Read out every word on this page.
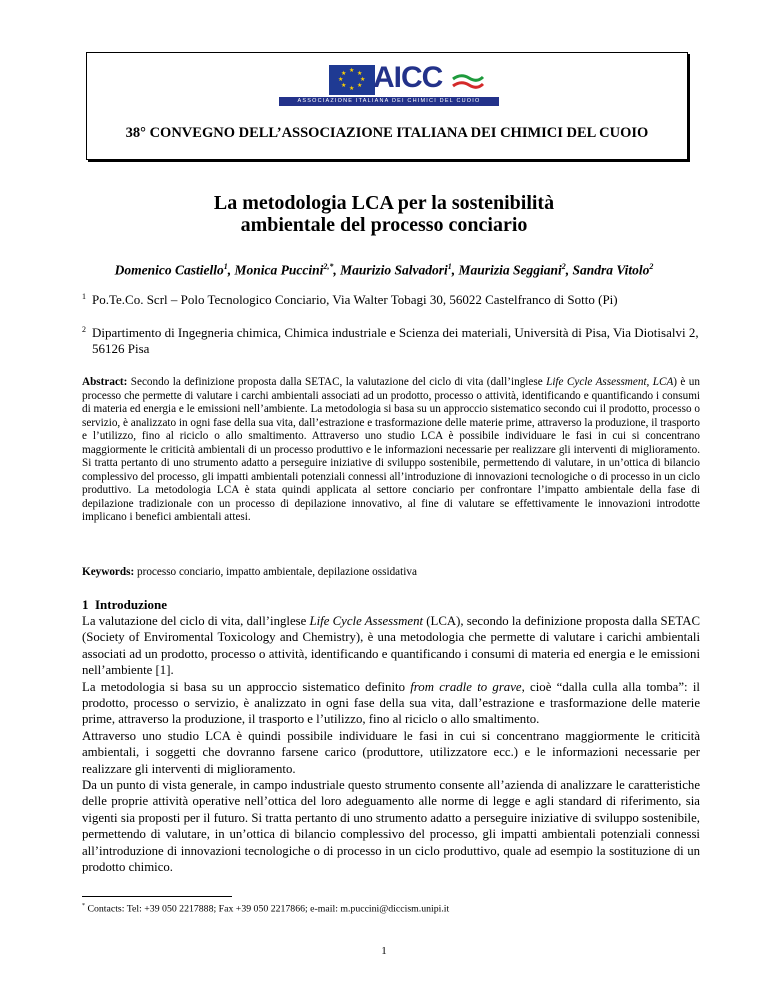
★ ★
★
★
★
★
★
★ AICC
ASSOCIAZIONE ITALIANA DEI CHIMICI DEL CUOIO
38° CONVEGNO DELL’ASSOCIAZIONE ITALIANA DEI CHIMICI DEL CUOIO
La metodologia LCA per la sostenibilità
ambientale del processo conciario
Domenico Castiello$^1$, Monica Puccini$^{2,*}$, Maurizio Salvadori$^1$, Maurizia Seggiani$^2$, Sandra Vitolo$^2$
1 Po.Te.Co. Scrl – Polo Tecnologico Conciario, Via Walter Tobagi 30, 56022 Castelfranco di Sotto (Pi)
2 Dipartimento di Ingegneria chimica, Chimica industriale e Scienza dei materiali, Università di Pisa, Via Diotisalvi 2, 56126 Pisa
Abstract: Secondo la definizione proposta dalla SETAC, la valutazione del ciclo di vita (dall’inglese Life Cycle Assessment, LCA) è un processo che permette di valutare i carchi ambientali associati ad un prodotto, processo o attività, identificando e quantificando i consumi di materia ed energia e le emissioni nell’ambiente. La metodologia si basa su un approccio sistematico secondo cui il prodotto, processo o servizio, è analizzato in ogni fase della sua vita, dall’estrazione e trasformazione delle materie prime, attraverso la produzione, il trasporto e l’utilizzo, fino al riciclo o allo smaltimento. Attraverso uno studio LCA è possibile individuare le fasi in cui si concentrano maggiormente le criticità ambientali di un processo produttivo e le informazioni necessarie per realizzare gli interventi di miglioramento. Si tratta pertanto di uno strumento adatto a perseguire iniziative di sviluppo sostenibile, permettendo di valutare, in un’ottica di bilancio complessivo del processo, gli impatti ambientali potenziali connessi all’introduzione di innovazioni tecnologiche o di processo in un ciclo produttivo. La metodologia LCA è stata quindi applicata al settore conciario per confrontare l’impatto ambientale della fase di depilazione tradizionale con un processo di depilazione innovativo, al fine di valutare se effettivamente le innovazioni introdotte implicano i benefici ambientali attesi.
Keywords: processo conciario, impatto ambientale, depilazione ossidativa
1 Introduzione

La valutazione del ciclo di vita, dall’inglese Life Cycle Assessment (LCA), secondo la definizione proposta dalla SETAC (Society of Enviromental Toxicology and Chemistry), è una metodologia che permette di valutare i carichi ambientali associati ad un prodotto, processo o attività, identificando e quantificando i consumi di materia ed energia e le emissioni nell’ambiente [1].

La metodologia si basa su un approccio sistematico definito from cradle to grave, cioè “dalla culla alla tomba”: il prodotto, processo o servizio, è analizzato in ogni fase della sua vita, dall’estrazione e trasformazione delle materie prime, attraverso la produzione, il trasporto e l’utilizzo, fino al riciclo o allo smaltimento.

Attraverso uno studio LCA è quindi possibile individuare le fasi in cui si concentrano maggiormente le criticità ambientali, i soggetti che dovranno farsene carico (produttore, utilizzatore ecc.) e le informazioni necessarie per realizzare gli interventi di miglioramento.

Da un punto di vista generale, in campo industriale questo strumento consente all’azienda di analizzare le caratteristiche delle proprie attività operative nell’ottica del loro adeguamento alle norme di legge e agli standard di riferimento, sia vigenti sia proposti per il futuro. Si tratta pertanto di uno strumento adatto a perseguire iniziative di sviluppo sostenibile, permettendo di valutare, in un’ottica di bilancio complessivo del processo, gli impatti ambientali potenziali connessi all’introduzione di innovazioni tecnologiche o di processo in un ciclo produttivo, quale ad esempio la sostituzione di un prodotto chimico.

* Contacts: Tel: +39 050 2217888; Fax +39 050 2217866; e-mail: m.puccini@diccism.unipi.it
1
